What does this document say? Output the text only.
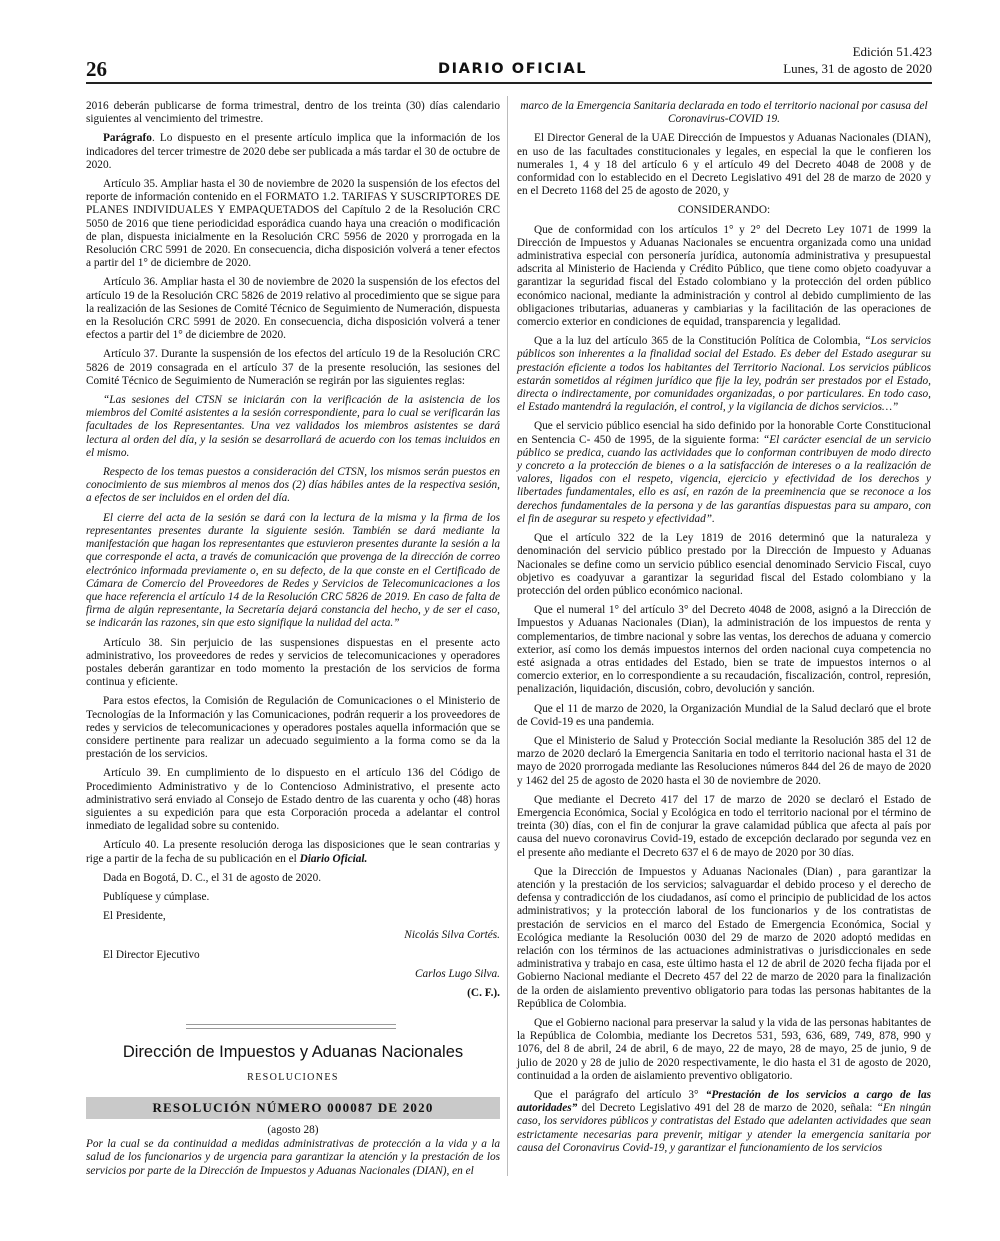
26	DIARIO OFICIAL
Edición 51.423
Lunes, 31 de agosto de 2020

2016 deberán publicarse de forma trimestral, dentro de los treinta (30) días calendario siguientes al vencimiento del trimestre.

Parágrafo. Lo dispuesto en el presente artículo implica que la información de los indicadores del tercer trimestre de 2020 debe ser publicada a más tardar el 30 de octubre de 2020.

Artículo 35. Ampliar hasta el 30 de noviembre de 2020 la suspensión de los efectos del reporte de información contenido en el FORMATO 1.2. TARIFAS Y SUSCRIPTORES DE PLANES INDIVIDUALES Y EMPAQUETADOS del Capítulo 2 de la Resolución CRC 5050 de 2016 que tiene periodicidad esporádica cuando haya una creación o modificación de plan, dispuesta inicialmente en la Resolución CRC 5956 de 2020 y prorrogada en la Resolución CRC 5991 de 2020. En consecuencia, dicha disposición volverá a tener efectos a partir del 1° de diciembre de 2020.

Artículo 36. Ampliar hasta el 30 de noviembre de 2020 la suspensión de los efectos del artículo 19 de la Resolución CRC 5826 de 2019 relativo al procedimiento que se sigue para la realización de las Sesiones de Comité Técnico de Seguimiento de Numeración, dispuesta en la Resolución CRC 5991 de 2020. En consecuencia, dicha disposición volverá a tener efectos a partir del 1° de diciembre de 2020.

Artículo 37. Durante la suspensión de los efectos del artículo 19 de la Resolución CRC 5826 de 2019 consagrada en el artículo 37 de la presente resolución, las sesiones del Comité Técnico de Seguimiento de Numeración se regirán por las siguientes reglas:

“Las sesiones del CTSN se iniciarán con la verificación de la asistencia de los miembros del Comité asistentes a la sesión correspondiente, para lo cual se verificarán las facultades de los Representantes. Una vez validados los miembros asistentes se dará lectura al orden del día, y la sesión se desarrollará de acuerdo con los temas incluidos en el mismo.

Respecto de los temas puestos a consideración del CTSN, los mismos serán puestos en conocimiento de sus miembros al menos dos (2) días hábiles antes de la respectiva sesión, a efectos de ser incluidos en el orden del día.

El cierre del acta de la sesión se dará con la lectura de la misma y la firma de los representantes presentes durante la siguiente sesión. También se dará mediante la manifestación que hagan los representantes que estuvieron presentes durante la sesión a la que corresponde el acta, a través de comunicación que provenga de la dirección de correo electrónico informada previamente o, en su defecto, de la que conste en el Certificado de Cámara de Comercio del Proveedores de Redes y Servicios de Telecomunicaciones a los que hace referencia el artículo 14 de la Resolución CRC 5826 de 2019. En caso de falta de firma de algún representante, la Secretaría dejará constancia del hecho, y de ser el caso, se indicarán las razones, sin que esto signifique la nulidad del acta.”

Artículo 38. Sin perjuicio de las suspensiones dispuestas en el presente acto administrativo, los proveedores de redes y servicios de telecomunicaciones y operadores postales deberán garantizar en todo momento la prestación de los servicios de forma continua y eficiente.

Para estos efectos, la Comisión de Regulación de Comunicaciones o el Ministerio de Tecnologías de la Información y las Comunicaciones, podrán requerir a los proveedores de redes y servicios de telecomunicaciones y operadores postales aquella información que se considere pertinente para realizar un adecuado seguimiento a la forma como se da la prestación de los servicios.

Artículo 39. En cumplimiento de lo dispuesto en el artículo 136 del Código de Procedimiento Administrativo y de lo Contencioso Administrativo, el presente acto administrativo será enviado al Consejo de Estado dentro de las cuarenta y ocho (48) horas siguientes a su expedición para que esta Corporación proceda a adelantar el control inmediato de legalidad sobre su contenido.

Artículo 40. La presente resolución deroga las disposiciones que le sean contrarias y rige a partir de la fecha de su publicación en el Diario Oficial.

Dada en Bogotá, D. C., el 31 de agosto de 2020.

Publíquese y cúmplase.

El Presidente,

Nicolás Silva Cortés.

El Director Ejecutivo

Carlos Lugo Silva.

(C. F.).

Dirección de Impuestos y Aduanas Nacionales
RESOLUCIONES
RESOLUCIÓN NÚMERO 000087 DE 2020
(agosto 28)

Por la cual se da continuidad a medidas administrativas de protección a la vida y a la salud de los funcionarios y de urgencia para garantizar la atención y la prestación de los servicios por parte de la Dirección de Impuestos y Aduanas Nacionales (DIAN), en el

marco de la Emergencia Sanitaria declarada en todo el territorio nacional por casusa del Coronavirus-COVID 19.

El Director General de la UAE Dirección de Impuestos y Aduanas Nacionales (DIAN), en uso de las facultades constitucionales y legales, en especial la que le confieren los numerales 1, 4 y 18 del artículo 6 y el artículo 49 del Decreto 4048 de 2008 y de conformidad con lo establecido en el Decreto Legislativo 491 del 28 de marzo de 2020 y en el Decreto 1168 del 25 de agosto de 2020, y

CONSIDERANDO:

Que de conformidad con los artículos 1° y 2° del Decreto Ley 1071 de 1999 la Dirección de Impuestos y Aduanas Nacionales se encuentra organizada como una unidad administrativa especial con personería jurídica, autonomía administrativa y presupuestal adscrita al Ministerio de Hacienda y Crédito Público, que tiene como objeto coadyuvar a garantizar la seguridad fiscal del Estado colombiano y la protección del orden público económico nacional, mediante la administración y control al debido cumplimiento de las obligaciones tributarias, aduaneras y cambiarias y la facilitación de las operaciones de comercio exterior en condiciones de equidad, transparencia y legalidad.

Que a la luz del artículo 365 de la Constitución Política de Colombia, “Los servicios públicos son inherentes a la finalidad social del Estado. Es deber del Estado asegurar su prestación eficiente a todos los habitantes del Territorio Nacional. Los servicios públicos estarán sometidos al régimen jurídico que fije la ley, podrán ser prestados por el Estado, directa o indirectamente, por comunidades organizadas, o por particulares. En todo caso, el Estado mantendrá la regulación, el control, y la vigilancia de dichos servicios…”

Que el servicio público esencial ha sido definido por la honorable Corte Constitucional en Sentencia C- 450 de 1995, de la siguiente forma: “El carácter esencial de un servicio público se predica, cuando las actividades que lo conforman contribuyen de modo directo y concreto a la protección de bienes o a la satisfacción de intereses o a la realización de valores, ligados con el respeto, vigencia, ejercicio y efectividad de los derechos y libertades fundamentales, ello es así, en razón de la preeminencia que se reconoce a los derechos fundamentales de la persona y de las garantías dispuestas para su amparo, con el fin de asegurar su respeto y efectividad”.

Que el artículo 322 de la Ley 1819 de 2016 determinó que la naturaleza y denominación del servicio público prestado por la Dirección de Impuesto y Aduanas Nacionales se define como un servicio público esencial denominado Servicio Fiscal, cuyo objetivo es coadyuvar a garantizar la seguridad fiscal del Estado colombiano y la protección del orden público económico nacional.

Que el numeral 1° del artículo 3° del Decreto 4048 de 2008, asignó a la Dirección de Impuestos y Aduanas Nacionales (Dian), la administración de los impuestos de renta y complementarios, de timbre nacional y sobre las ventas, los derechos de aduana y comercio exterior, así como los demás impuestos internos del orden nacional cuya competencia no esté asignada a otras entidades del Estado, bien se trate de impuestos internos o al comercio exterior, en lo correspondiente a su recaudación, fiscalización, control, represión, penalización, liquidación, discusión, cobro, devolución y sanción.

Que el 11 de marzo de 2020, la Organización Mundial de la Salud declaró que el brote de Covid-19 es una pandemia.

Que el Ministerio de Salud y Protección Social mediante la Resolución 385 del 12 de marzo de 2020 declaró la Emergencia Sanitaria en todo el territorio nacional hasta el 31 de mayo de 2020 prorrogada mediante las Resoluciones números 844 del 26 de mayo de 2020 y 1462 del 25 de agosto de 2020 hasta el 30 de noviembre de 2020.

Que mediante el Decreto 417 del 17 de marzo de 2020 se declaró el Estado de Emergencia Económica, Social y Ecológica en todo el territorio nacional por el término de treinta (30) días, con el fin de conjurar la grave calamidad pública que afecta al país por causa del nuevo coronavirus Covid-19, estado de excepción declarado por segunda vez en el presente año mediante el Decreto 637 el 6 de mayo de 2020 por 30 días.

Que la Dirección de Impuestos y Aduanas Nacionales (Dian) , para garantizar la atención y la prestación de los servicios; salvaguardar el debido proceso y el derecho de defensa y contradicción de los ciudadanos, así como el principio de publicidad de los actos administrativos; y la protección laboral de los funcionarios y de los contratistas de prestación de servicios en el marco del Estado de Emergencia Económica, Social y Ecológica mediante la Resolución 0030 del 29 de marzo de 2020 adoptó medidas en relación con los términos de las actuaciones administrativas o jurisdiccionales en sede administrativa y trabajo en casa, este último hasta el 12 de abril de 2020 fecha fijada por el Gobierno Nacional mediante el Decreto 457 del 22 de marzo de 2020 para la finalización de la orden de aislamiento preventivo obligatorio para todas las personas habitantes de la República de Colombia.

Que el Gobierno nacional para preservar la salud y la vida de las personas habitantes de la República de Colombia, mediante los Decretos 531, 593, 636, 689, 749, 878, 990 y 1076, del 8 de abril, 24 de abril, 6 de mayo, 22 de mayo, 28 de mayo, 25 de junio, 9 de julio de 2020 y 28 de julio de 2020 respectivamente, le dio hasta el 31 de agosto de 2020, continuidad a la orden de aislamiento preventivo obligatorio.

Que el parágrafo del artículo 3° “Prestación de los servicios a cargo de las autoridades” del Decreto Legislativo 491 del 28 de marzo de 2020, señala: “En ningún caso, los servidores públicos y contratistas del Estado que adelanten actividades que sean estrictamente necesarias para prevenir, mitigar y atender la emergencia sanitaria por causa del Coronavirus Covid-19, y garantizar el funcionamiento de los servicios
